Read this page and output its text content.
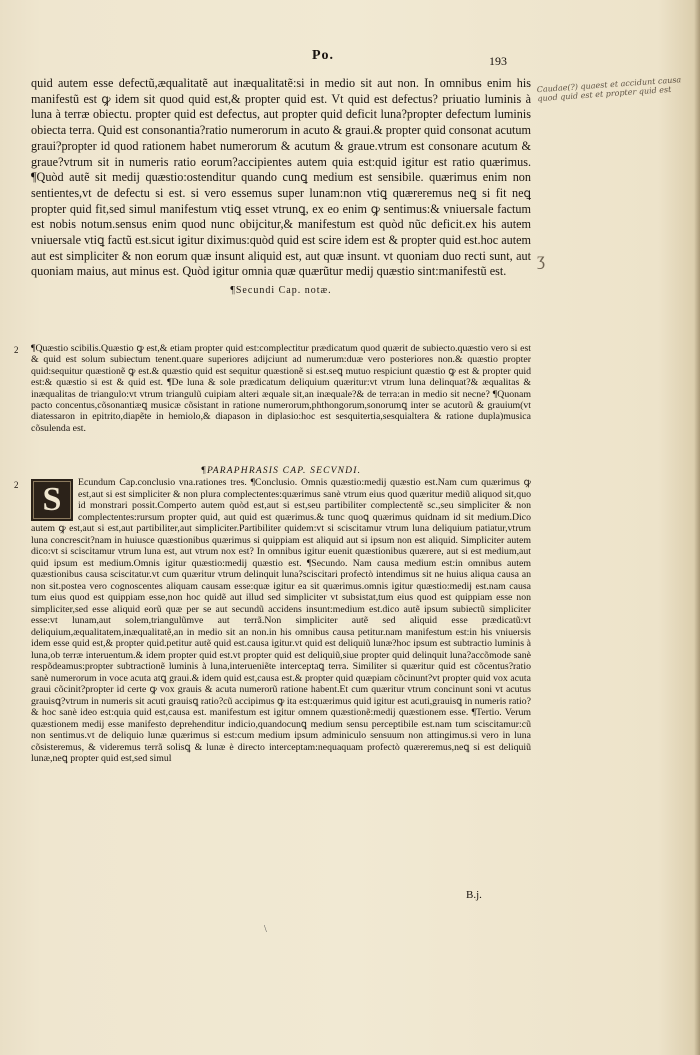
Po.	193
Caudae(?) quaest et accidunt causa quod quid est et propter quid est
ʒ

quid autem esse defectũ,æqualitatẽ aut inæqualitatẽ:si in medio sit aut non. In omnibus enim his manifestũ est ꝙ idem sit quod quid est,& propter quid est. Vt quid est defectus? priuatio luminis à luna à terræ obiectu. propter quid est defectus, aut propter quid deficit luna?propter defectum luminis obiecta terra. Quid est consonantia?ratio numerorum in acuto & graui.& propter quid consonat acutum graui?propter id quod rationem habet numerorum & acutum & graue.vtrum est consonare acutum & graue?vtrum sit in numeris ratio eorum?accipientes autem quia est:quid igitur est ratio quærimus. ¶Quòd autẽ sit medij quæstio:ostenditur quando cunꝗ medium est sensibile. quærimus enim non sentientes,vt de defectu si est. si vero essemus super lunam:non vtiꝗ quæreremus neꝗ si fit neꝗ propter quid fit,sed simul manifestum vtiꝗ esset vtrunꝗ, ex eo enim ꝙ sentimus:& vniuersale factum est nobis notum.sensus enim quod nunc obijcitur,& manifestum est quòd nũc deficit.ex his autem vniuersale vtiꝗ factũ est.sicut igitur diximus:quòd quid est scire idem est & propter quid est.hoc autem aut est simpliciter & non eorum quæ insunt aliquid est, aut quæ insunt. vt quoniam duo recti sunt, aut quoniam maius, aut minus est. Quòd igitur omnia quæ quærũtur medij quæstio sint:manifestũ est.

¶Secundi Cap. notæ.
2 ¶Quæstio scibilis.Quæstio ꝙ est,& etiam propter quid est:complectitur prædicatum quod quærit de subiecto.quæstio vero si est & quid est solum subiectum tenent.quare superiores adijciunt ad numerum:duæ vero posteriores non.& quæstio propter quid:sequitur quæstionẽ ꝙ est.& quæstio quid est sequitur quæstionẽ si est.seꝗ mutuo respiciunt quæstio ꝙ est & propter quid est:& quæstio si est & quid est. ¶De luna & sole prædicatum deliquium quæritur:vt vtrum luna delinquat?& æqualitas & inæqualitas de triangulo:vt vtrum triangulũ cuipiam alteri æquale sit,an inæquale?& de terra:an in medio sit necne? ¶Quonam pacto concentus,cõsonantiæꝗ musicæ cõsistant in ratione numerorum,phthongorum,sonorumꝗ inter se acutorũ & grauium(vt diatessaron in epitrito,diapẽte in hemiolo,& diapason in diplasio:hoc est sesquitertia,sesquialtera & ratione dupla)musica cõsulenda est.

¶PARAPHRASIS CAP. SECVNDI.
2 S	Ecundum Cap.conclusio vna.rationes tres. ¶Conclusio. Omnis quæstio:medij quæstio est.Nam cum quærimus ꝙ est,aut si est simpliciter & non plura complectentes:quærimus sanè vtrum eius quod quæritur mediũ aliquod sit,quo id monstrari possit.Comperto autem quòd est,aut si est,seu partibiliter complectentẽ sc.,seu simpliciter & non complectentes:rursum propter quid, aut quid est quærimus.& tunc quoꝗ quærimus quidnam id sit medium.Dico autem ꝙ est,aut si est,aut partibiliter,aut simpliciter.Partibiliter quidem:vt si sciscitamur vtrum luna deliquium patiatur,vtrum luna concrescit?nam in huiusce quæstionibus quærimus si quippiam est aliquid aut si ipsum non est aliquid. Simpliciter autem dico:vt si sciscitamur vtrum luna est, aut vtrum nox est? In omnibus igitur euenit quæstionibus quærere, aut si est medium,aut quid ipsum est medium.Omnis igitur quæstio:medij quæstio est. ¶Secundo. Nam causa medium est:in omnibus autem quæstionibus causa sciscitatur.vt cum quæritur vtrum delinquit luna?sciscitari profectò intendimus sit ne huius aliqua causa an non sit.postea vero cognoscentes aliquam causam esse:quæ igitur ea sit quærimus.omnis igitur quæstio:medij est.nam causa tum eius quod est quippiam esse,non hoc quidẽ aut illud sed simpliciter vt subsistat,tum eius quod est quippiam esse non simpliciter,sed esse aliquid eorũ quæ per se aut secundũ accidens insunt:medium est.dico autẽ ipsum subiectũ simpliciter esse:vt lunam,aut solem,triangulũmve aut terrã.Non simpliciter autẽ sed aliquid esse prædicatũ:vt deliquium,æqualitatem,inæqualitatẽ,an in medio sit an non.in his omnibus causa petitur.nam manifestum est:in his vniuersis idem esse quid est,& propter quid.petitur autẽ quid est.causa igitur.vt quid est deliquiũ lunæ?hoc ipsum est subtractio luminis à luna,ob terræ interuentum.& idem propter quid est.vt propter quid est deliquiũ,siue propter quid delinquit luna?accõmode sanè respõdeamus:propter subtractionẽ luminis à luna,interueniẽte interceptaꝗ terra. Similiter si quæritur quid est cõcentus?ratio sanè numerorum in voce acuta atꝗ graui.& idem quid est,causa est.& propter quid quæpiam cõcinunt?vt propter quid vox acuta graui cõcinit?propter id certe ꝙ vox grauis & acuta numerorũ ratione habent.Et cum quæritur vtrum concinunt soni vt acutus grauisꝗ?vtrum in numeris sit acuti grauisꝗ ratio?cũ accipimus ꝙ ita est:quærimus quid igitur est acuti,grauisꝗ in numeris ratio?& hoc sanè ideo est:quia quid est,causa est. manifestum est igitur omnem quæstionẽ:medij quæstionem esse. ¶Tertio. Verum quæstionem medij esse manifesto deprehenditur indicio,quandocunꝗ medium sensu perceptibile est.nam tum sciscitamur:cũ non sentimus.vt de deliquio lunæ quærimus si est:cum medium ipsum adminiculo sensuum non attingimus.si vero in luna cõsisteremus, & videremus terrã solisꝗ & lunæ è directo interceptam:nequaquam profectò quæreremus,neꝗ si est deliquiũ lunæ,neꝗ propter quid est,sed simul

B.j.
\
